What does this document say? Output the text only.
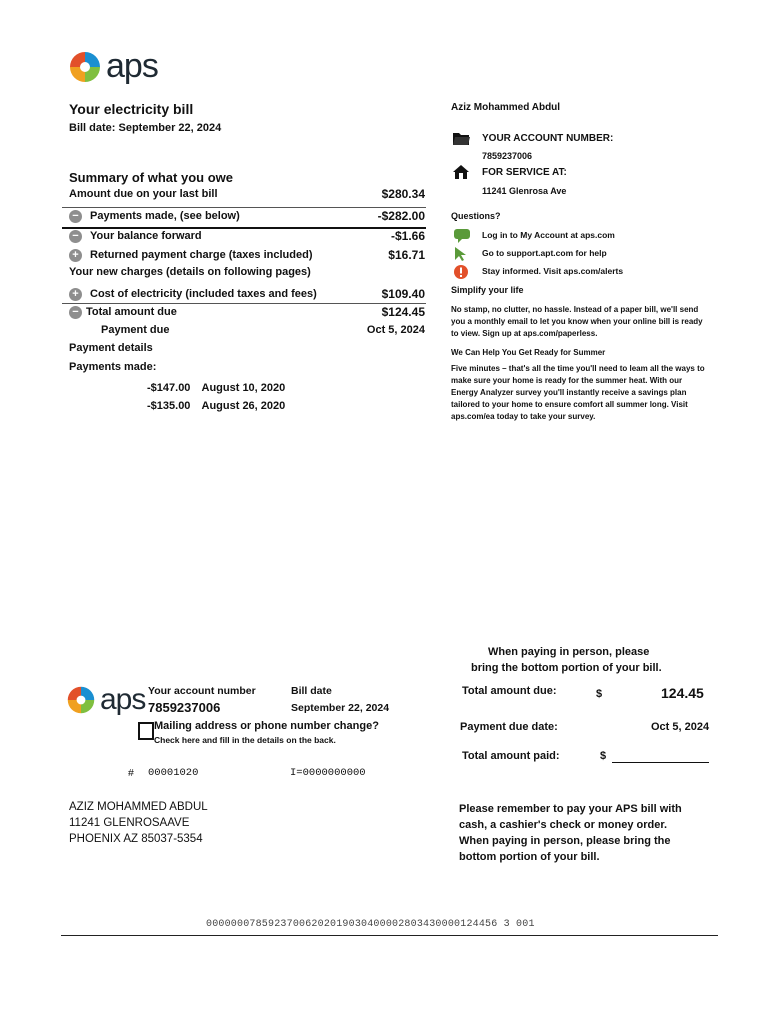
aps
Your electricity bill
Bill date: September 22, 2024
Summary of what you owe
Amount due on your last bill	$280.34
− Payments made, (see below)	-$282.00
− Your balance forward	-$1.66
+ Returned payment charge (taxes included)	$16.71
Your new charges (details on following pages)
+ Cost of electricity (included taxes and fees)	$109.40
− Total amount due	$124.45
Payment due	Oct 5, 2024
Payment details
Payments made:
-$147.00 August 10, 2020
-$135.00 August 26, 2020
Aziz Mohammed Abdul
YOUR ACCOUNT NUMBER:
7859237006
FOR SERVICE AT:
11241 Glenrosa Ave
Questions?
Log in to My Account at aps.com
Go to support.apt.com for help
Stay informed. Visit aps.com/alerts
Simplify your life
No stamp, no clutter, no hassle. Instead of a paper bill, we'll send you a monthly email to let you know when your online bill is ready to view. Sign up at aps.com/paperless.
We Can Help You Get Ready for Summer
Five minutes – that's all the time you'll need to leam all the ways to make sure your home is ready for the summer heat. With our Energy Analyzer survey you'll instantly receive a savings plan tailored to your home to ensure comfort all summer long. Visit aps.com/ea today to take your survey.
When paying in person, please
bring the bottom portion of your bill.
aps Your account number
7859237006
Bill date
September 22, 2024
Mailing address or phone number change?
Check here and fill in the details on the back.
# 00001020	I=0000000000
AZIZ MOHAMMED ABDUL
11241 GLENROSAAVE
PHOENIX AZ 85037-5354
Total amount due:	$	124.45
Payment due date:	Oct 5, 2024
Total amount paid:	$
Please remember to pay your APS bill with
cash, a cashier's check or money order.
When paying in person, please bring the
bottom portion of your bill.
00000007859237006202019030400002803430000124456 3 001
